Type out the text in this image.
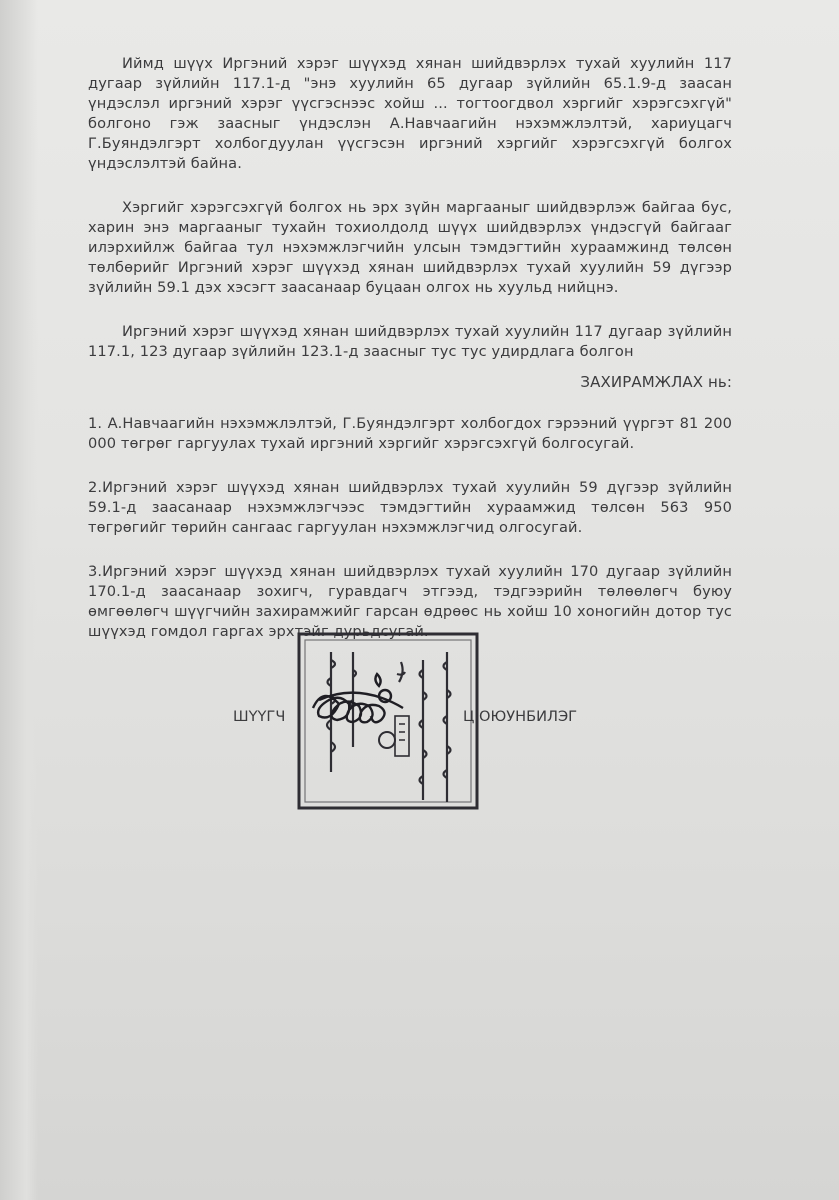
Иймд шүүх Иргэний хэрэг шүүхэд хянан шийдвэрлэх тухай хуулийн 117 дугаар зүйлийн 117.1-д "энэ хуулийн 65 дугаар зүйлийн 65.1.9-д заасан үндэслэл иргэний хэрэг үүсгэснээс хойш ... тогтоогдвол хэргийг хэрэгсэхгүй" болгоно гэж заасныг үндэслэн А.Навчаагийн нэхэмжлэлтэй, хариуцагч Г.Буяндэлгэрт холбогдуулан үүсгэсэн иргэний хэргийг хэрэгсэхгүй болгох үндэслэлтэй байна.

Хэргийг хэрэгсэхгүй болгох нь эрх зүйн маргааныг шийдвэрлэж байгаа бус, харин энэ маргааныг тухайн тохиолдолд шүүх шийдвэрлэх үндэсгүй байгааг илэрхийлж байгаа тул нэхэмжлэгчийн улсын тэмдэгтийн хураамжинд төлсөн төлбөрийг Иргэний хэрэг шүүхэд хянан шийдвэрлэх тухай хуулийн 59 дүгээр зүйлийн 59.1 дэх хэсэгт заасанаар буцаан олгох нь хуульд нийцнэ.

Иргэний хэрэг шүүхэд хянан шийдвэрлэх тухай хуулийн 117 дугаар зүйлийн 117.1, 123 дугаар зүйлийн 123.1-д заасныг тус тус удирдлага болгон

ЗАХИРАМЖЛАХ нь:

1. А.Навчаагийн нэхэмжлэлтэй, Г.Буяндэлгэрт холбогдох гэрээний үүргэт 81 200 000 төгрөг гаргуулах тухай иргэний хэргийг хэрэгсэхгүй болгосугай.

2.Иргэний хэрэг шүүхэд хянан шийдвэрлэх тухай хуулийн 59 дүгээр зүйлийн 59.1-д заасанаар нэхэмжлэгчээс тэмдэгтийн хураамжид төлсөн 563 950 төгрөгийг төрийн сангаас гаргуулан нэхэмжлэгчид олгосугай.

3.Иргэний хэрэг шүүхэд хянан шийдвэрлэх тухай хуулийн 170 дугаар зүйлийн 170.1-д заасанаар зохигч, гуравдагч этгээд, тэдгээрийн төлөөлөгч буюу өмгөөлөгч шүүгчийн захирамжийг гарсан өдрөөс нь хойш 10 хоногийн дотор тус шүүхэд гомдол гаргах эрхтэйг дурьдсугай.

ШҮҮГЧ	Ц.ОЮУНБИЛЭГ
